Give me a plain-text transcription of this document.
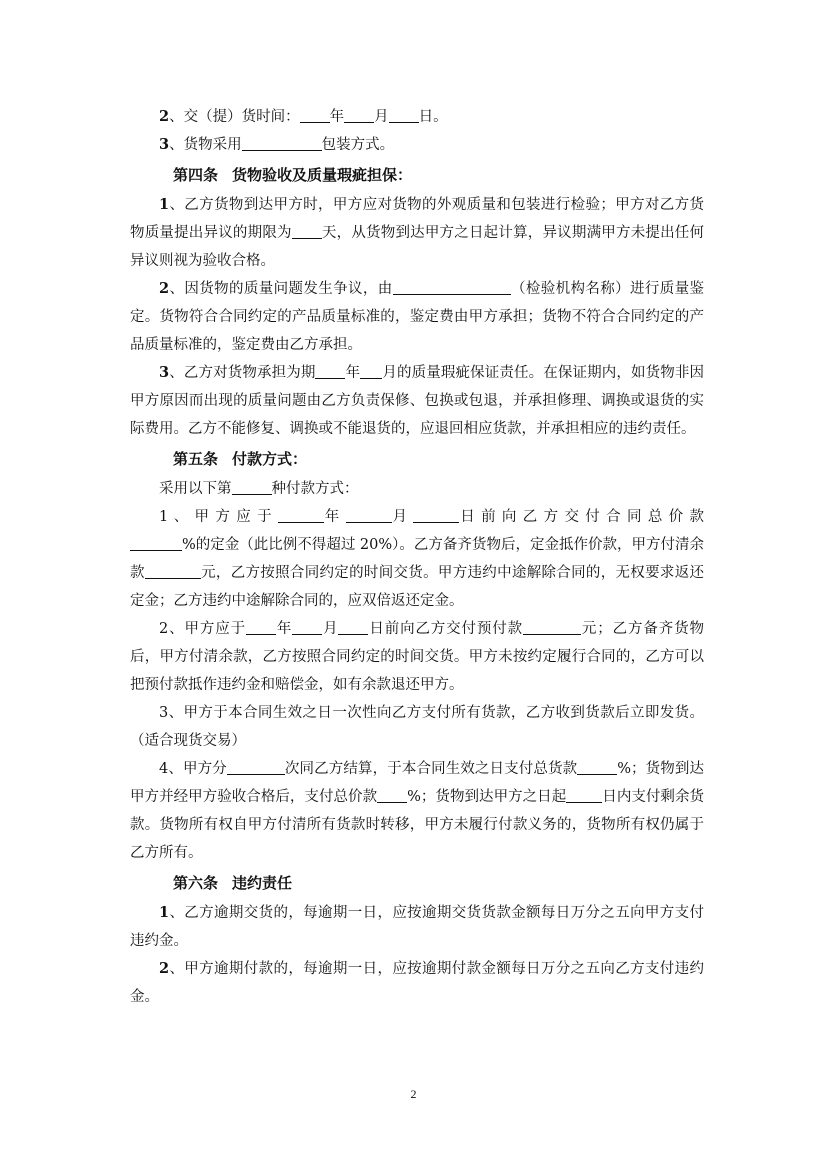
2、交（提）货时间： 年 月 日。

3、货物采用	包装方式。

第四条 货物验收及质量瑕疵担保：

1、乙方货物到达甲方时，甲方应对货物的外观质量和包装进行检验；甲方对乙方货物质量提出异议的期限为 天，从货物到达甲方之日起计算，异议期满甲方未提出任何异议则视为验收合格。

2、因货物的质量问题发生争议，由	（检验机构名称）进行质量鉴定。货物符合合同约定的产品质量标准的，鉴定费由甲方承担；货物不符合合同约定的产品质量标准的，鉴定费由乙方承担。

3、乙方对货物承担为期 年 月的质量瑕疵保证责任。在保证期内，如货物非因甲方原因而出现的质量问题由乙方负责保修、包换或包退，并承担修理、调换或退货的实际费用。乙方不能修复、调换或不能退货的，应退回相应货款，并承担相应的违约责任。

第五条 付款方式：

采用以下第	种付款方式：

1 、 甲 方 应 于	年	月	日 前 向 乙 方 交 付 合 同 总 价 款%的定金（此比例不得超过 20%）。乙方备齐货物后，定金抵作价款，甲方付清余款	元，乙方按照合同约定的时间交货。甲方违约中途解除合同的，无权要求返还定金；乙方违约中途解除合同的，应双倍返还定金。

2、甲方应于 年 月 日前向乙方交付预付款	元；乙方备齐货物后，甲方付清余款，乙方按照合同约定的时间交货。甲方未按约定履行合同的，乙方可以把预付款抵作违约金和赔偿金，如有余款退还甲方。

3、甲方于本合同生效之日一次性向乙方支付所有货款，乙方收到货款后立即发货。（适合现货交易）

4、甲方分	次同乙方结算，于本合同生效之日支付总货款	%；货物到达甲方并经甲方验收合格后，支付总价款 %；货物到达甲方之日起 日内支付剩余货款。货物所有权自甲方付清所有货款时转移，甲方未履行付款义务的，货物所有权仍属于乙方所有。

第六条 违约责任

1、乙方逾期交货的，每逾期一日，应按逾期交货货款金额每日万分之五向甲方支付违约金。

2、甲方逾期付款的，每逾期一日，应按逾期付款金额每日万分之五向乙方支付违约金。

2
